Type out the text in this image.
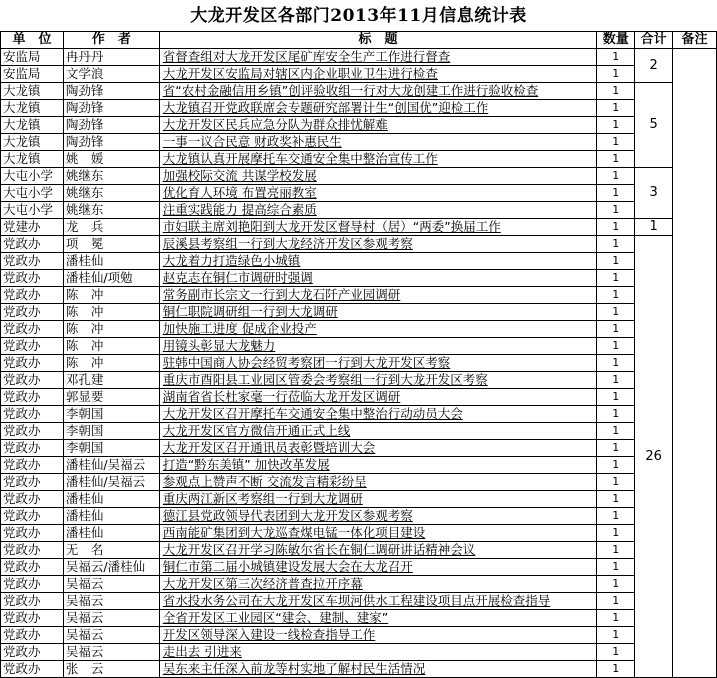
大龙开发区各部门2013年11月信息统计表
单　位	作　者	标　题	数量	合计	备注
安监局	冉丹丹	省督查组对大龙开发区尾矿库安全生产工作进行督查	1	2	
安监局	文学浪	大龙开发区安监局对辖区内企业职业卫生进行检查	1		
大龙镇	陶劲锋	省“农村金融信用乡镇”创评验收组一行对大龙创建工作进行验收检查	1	5	
大龙镇	陶劲锋	大龙镇召开党政联席会专题研究部署计生“创国优”迎检工作	1		
大龙镇	陶劲锋	大龙开发区民兵应急分队为群众排忧解难	1		
大龙镇	陶劲锋	一事一议合民意 财政奖补惠民生	1		
大龙镇	姚　媛	大龙镇认真开展摩托车交通安全集中整治宣传工作	1		
大屯小学	姚继东	加强校际交流 共谋学校发展	1	3	
大屯小学	姚继东	优化育人环境 布置亮丽教室	1		
大屯小学	姚继东	注重实践能力 提高综合素质	1		
党建办	龙　兵	市妇联主席刘艳阳到大龙开发区督导村（居）“两委”换届工作	1	1	
党政办	项　冕	辰溪县考察组一行到大龙经济开发区参观考察	1	26	
党政办	潘桂仙	大龙着力打造绿色小城镇	1		
党政办	潘桂仙/项勉	赵克志在铜仁市调研时强调	1		
党政办	陈　冲	常务副市长宗文一行到大龙石阡产业园调研	1		
党政办	陈　冲	铜仁职院调研组一行到大龙调研	1		
党政办	陈　冲	加快施工进度 促成企业投产	1		
党政办	陈　冲	用镜头彰显大龙魅力	1		
党政办	陈　冲	驻韩中国商人协会经贸考察团一行到大龙开发区考察	1		
党政办	邓孔建	重庆市酉阳县工业园区管委会考察组一行到大龙开发区考察	1		
党政办	郭显要	湖南省省长杜家毫一行莅临大龙开发区调研	1		
党政办	李朝国	大龙开发区召开摩托车交通安全集中整治行动动员大会	1		
党政办	李朝国	大龙开发区官方微信开通正式上线	1		
党政办	李朝国	大龙开发区召开通讯员表彰暨培训大会	1		
党政办	潘桂仙/吴福云	打造“黔东美镇” 加快改革发展	1		
党政办	潘桂仙/吴福云	参观点上赞声不断 交流发言精彩纷呈	1		
党政办	潘桂仙	重庆两江新区考察组一行到大龙调研	1		
党政办	潘桂仙	德江县党政领导代表团到大龙开发区参观考察	1		
党政办	潘桂仙	西南能矿集团到大龙巡查煤电锰一体化项目建设	1		
党政办	无　名	大龙开发区召开学习陈敏尔省长在铜仁调研讲话精神会议	1		
党政办	吴福云/潘桂仙	铜仁市第二届小城镇建设发展大会在大龙召开	1		
党政办	吴福云	大龙开发区第三次经济普查拉开序幕	1		
党政办	吴福云	省水投水务公司在大龙开发区车坝河供水工程建设项目点开展检查指导	1		
党政办	吴福云	全省开发区工业园区“建会、建制、建家”	1		
党政办	吴福云	开发区领导深入建设一线检查指导工作	1		
党政办	吴福云	走出去 引进来	1		
党政办	张　云	吴东来主任深入前龙等村实地了解村民生活情况	1		
